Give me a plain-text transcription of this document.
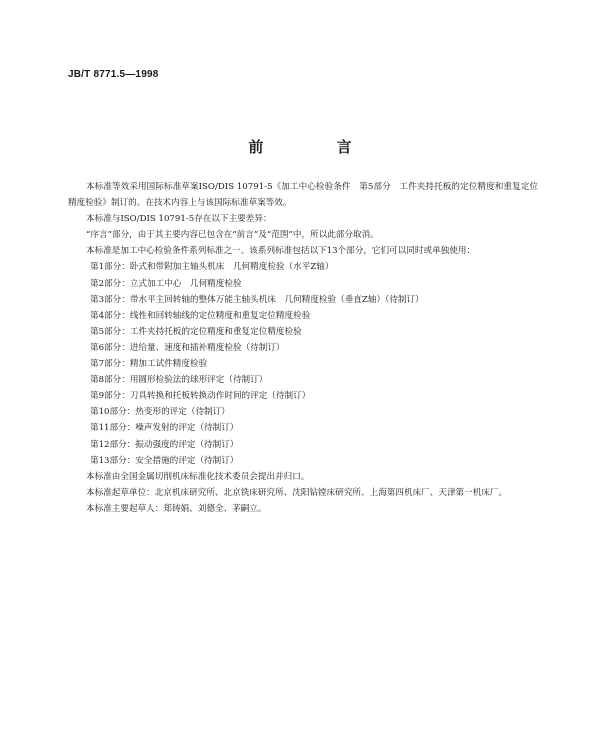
JB/T 8771.5—1998
前 言

本标准等效采用国际标准草案ISO/DIS 10791-5《加工中心检验条件　第5部分　工件夹持托板的定位精度和重复定位精度检验》制订的。在技术内容上与该国际标准草案等效。

本标准与ISO/DIS 10791-5存在以下主要差异：

“序言”部分，由于其主要内容已包含在“前言”及“范围”中，所以此部分取消。

本标准是加工中心检验条件系列标准之一。该系列标准包括以下13个部分，它们可以同时或单独使用：

第1部分：卧式和带附加主轴头机床　几何精度检验（水平Z轴）

第2部分：立式加工中心　几何精度检验

第3部分：带水平主回转轴的整体万能主轴头机床　几何精度检验（垂直Z轴）（待制订）

第4部分：线性和回转轴线的定位精度和重复定位精度检验

第5部分：工件夹持托板的定位精度和重复定位精度检验

第6部分：进给量、速度和插补精度检验（待制订）

第7部分：精加工试件精度检验

第8部分：用圆形检验法的球形评定（待制订）

第9部分：刀具转换和托板转换动作时间的评定（待制订）

第10部分：热变形的评定（待制订）

第11部分：噪声发射的评定（待制订）

第12部分：振动强度的评定（待制订）

第13部分：安全措施的评定（待制订）

本标准由全国金属切削机床标准化技术委员会提出并归口。

本标准起草单位：北京机床研究所、北京铣床研究所、沈阳钻镗床研究所、上海第四机床厂、天津第一机床厂。

本标准主要起草人：郑铸娟、刘德全、茅嗣立。
